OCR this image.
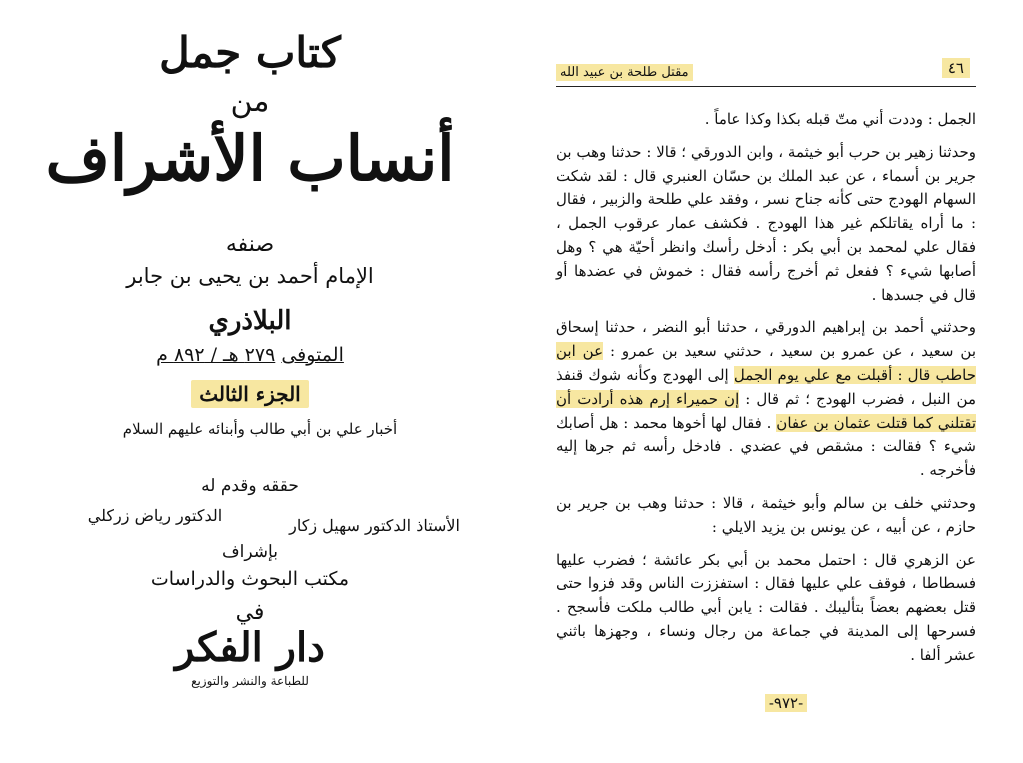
كتاب جمل
من
أنساب الأشراف
صنفه
الإمام أحمد بن يحيى بن جابر
البلاذري
المتوفى ٢٧٩ هـ / ٨٩٢ م
الجزء الثالث
أخبار علي بن أبي طالب وأبنائه عليهم السلام
حققه وقدم له
الأستاذ الدكتور سهيل زكار
الدكتور رياض زركلي
بإشراف
مكتب البحوث والدراسات
في
دار الفكر
للطباعة والنشر والتوزيع
٤٦
مقتل طلحة بن عبيد الله

الجمل : وددت أني متّ قبله بكذا وكذا عاماً .

وحدثنا زهير بن حرب أبو خيثمة ، وابن الدورقي ؛ قالا : حدثنا وهب بن جرير بن أسماء ، عن عبد الملك بن حسّان العنبري قال : لقد شكت السهام الهودج حتى كأنه جناح نسر ، وفقد علي طلحة والزبير ، فقال : ما أراه يقاتلكم غير هذا الهودج . فكشف عمار عرقوب الجمل ، فقال علي لمحمد بن أبي بكر : أدخل رأسك وانظر أحيّة هي ؟ وهل أصابها شيء ؟ ففعل ثم أخرج رأسه فقال : خموش في عضدها أو قال في جسدها .

وحدثني أحمد بن إبراهيم الدورقي ، حدثنا أبو النضر ، حدثنا إسحاق بن سعيد ، عن عمرو بن سعيد ، حدثني سعيد بن عمرو : عن ابن حاطب قال : أقبلت مع علي يوم الجمل إلى الهودج وكأنه شوك قنفذ من النبل ، فضرب الهودج ؛ ثم قال : إن حميراء إرم هذه أرادت أن تقتلني كما قتلت عثمان بن عفان . فقال لها أخوها محمد : هل أصابك شيء ؟ فقالت : مشقص في عضدي . فادخل رأسه ثم جرها إليه فأخرجه .

وحدثني خلف بن سالم وأبو خيثمة ، قالا : حدثنا وهب بن جرير بن حازم ، عن أبيه ، عن يونس بن يزيد الايلي :

عن الزهري قال : احتمل محمد بن أبي بكر عائشة ؛ فضرب عليها فسطاطا ، فوقف علي عليها فقال : استفززت الناس وقد فزوا حتى قتل بعضهم بعضاً بتأليبك . فقالت : يابن أبي طالب ملكت فأسجح . فسرحها إلى المدينة في جماعة من رجال ونساء ، وجهزها باثني عشر ألفا .

-٩٧٢-
